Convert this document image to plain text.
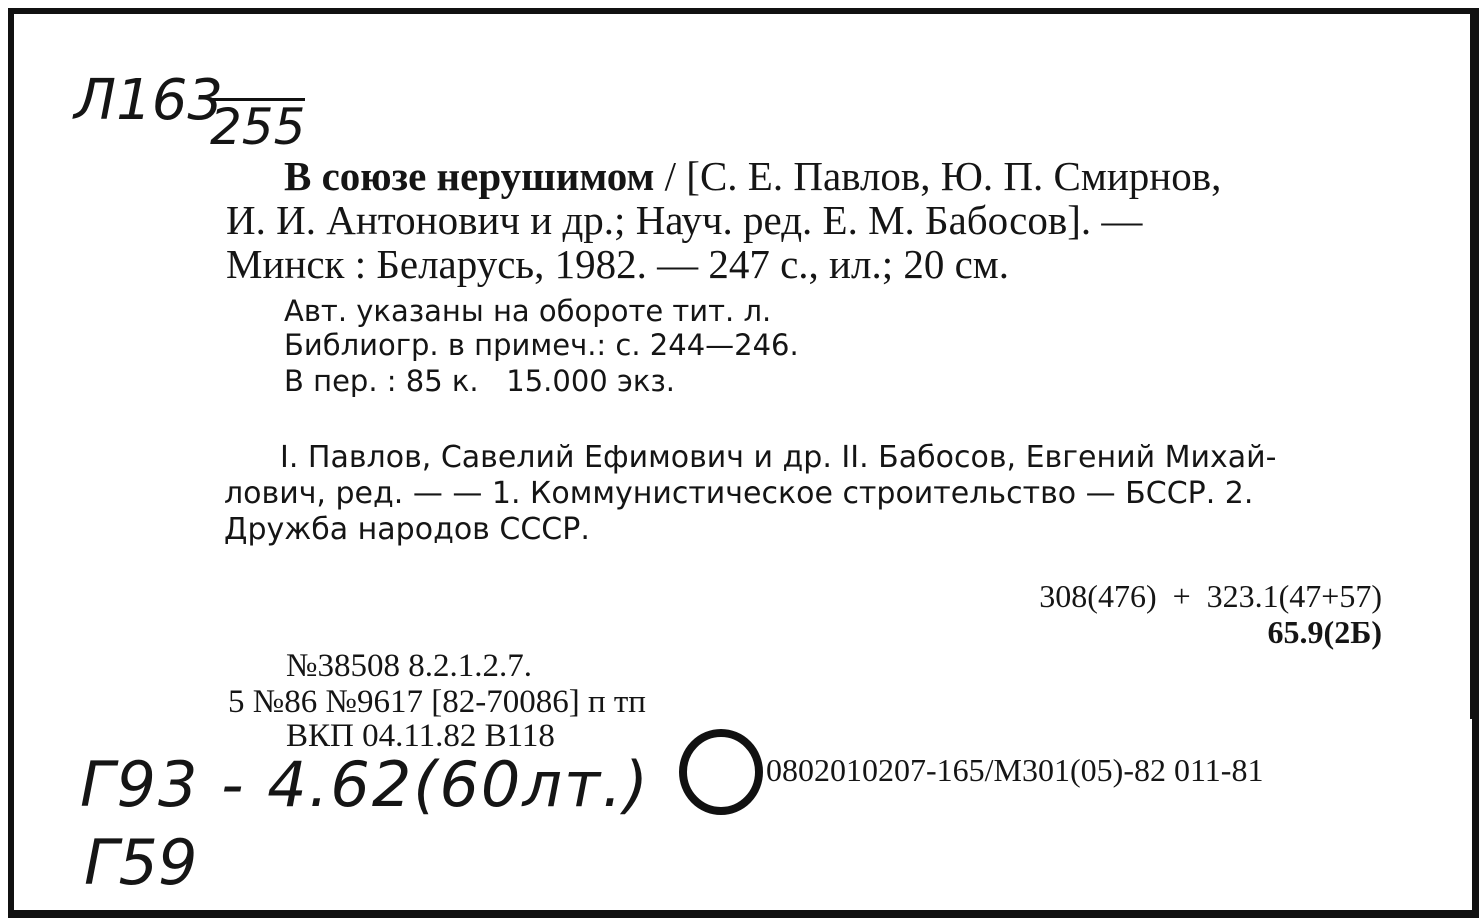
Л163
255
В союзе нерушимом / [С. Е. Павлов, Ю. П. Смирнов,
И. И. Антонович и др.; Науч. ред. Е. М. Бабосов]. —
Минск : Беларусь, 1982. — 247 с., ил.; 20 см.
Авт. указаны на обороте тит. л.
Библиогр. в примеч.: с. 244—246.
В пер. : 85 к.   15.000 экз.
I. Павлов, Савелий Ефимович и др. II. Бабосов, Евгений Михай-
лович, ред. — — 1. Коммунистическое строительство — БССР. 2.
Дружба народов СССР.
308(476)  +  323.1(47+57)
65.9(2Б)
№38508 8.2.1.2.7.
5 №86 №9617 [82-70086] п тп
ВКП 04.11.82 В118
0802010207-165/М301(05)-82 011-81
Г93 - 4.62(60лт.)
Г59
